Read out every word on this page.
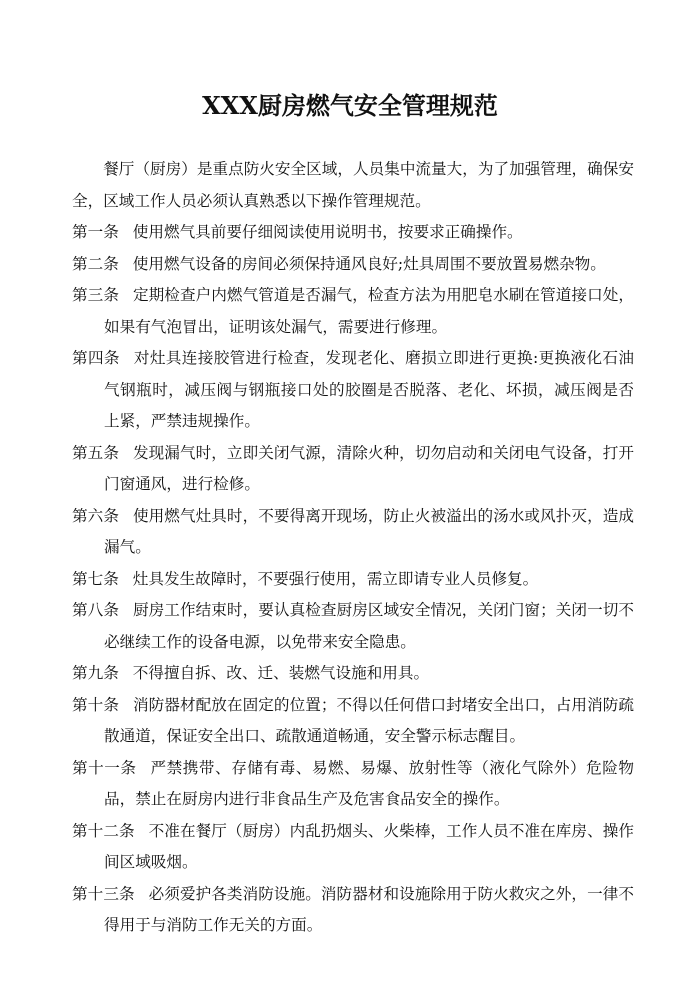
XXX厨房燃气安全管理规范

餐厅（厨房）是重点防火安全区域，人员集中流量大，为了加强管理，确保安全，区域工作人员必须认真熟悉以下操作管理规范。

第一条 使用燃气具前要仔细阅读使用说明书，按要求正确操作。
第二条 使用燃气设备的房间必须保持通风良好;灶具周围不要放置易燃杂物。
第三条 定期检查户内燃气管道是否漏气，检查方法为用肥皂水刷在管道接口处，如果有气泡冒出，证明该处漏气，需要进行修理。
第四条 对灶具连接胶管进行检查，发现老化、磨损立即进行更换:更换液化石油气钢瓶时，减压阀与钢瓶接口处的胶圈是否脱落、老化、坏损，减压阀是否上紧，严禁违规操作。
第五条 发现漏气时，立即关闭气源，清除火种，切勿启动和关闭电气设备，打开门窗通风，进行检修。
第六条 使用燃气灶具时，不要得离开现场，防止火被溢出的汤水或风扑灭，造成漏气。
第七条 灶具发生故障时，不要强行使用，需立即请专业人员修复。
第八条 厨房工作结束时，要认真检查厨房区域安全情况，关闭门窗；关闭一切不必继续工作的设备电源，以免带来安全隐患。
第九条 不得擅自拆、改、迁、装燃气设施和用具。
第十条 消防器材配放在固定的位置；不得以任何借口封堵安全出口，占用消防疏散通道，保证安全出口、疏散通道畅通，安全警示标志醒目。
第十一条 严禁携带、存储有毒、易燃、易爆、放射性等（液化气除外）危险物品，禁止在厨房内进行非食品生产及危害食品安全的操作。
第十二条 不准在餐厅（厨房）内乱扔烟头、火柴棒，工作人员不准在库房、操作间区域吸烟。
第十三条 必须爱护各类消防设施。消防器材和设施除用于防火救灾之外，一律不得用于与消防工作无关的方面。
